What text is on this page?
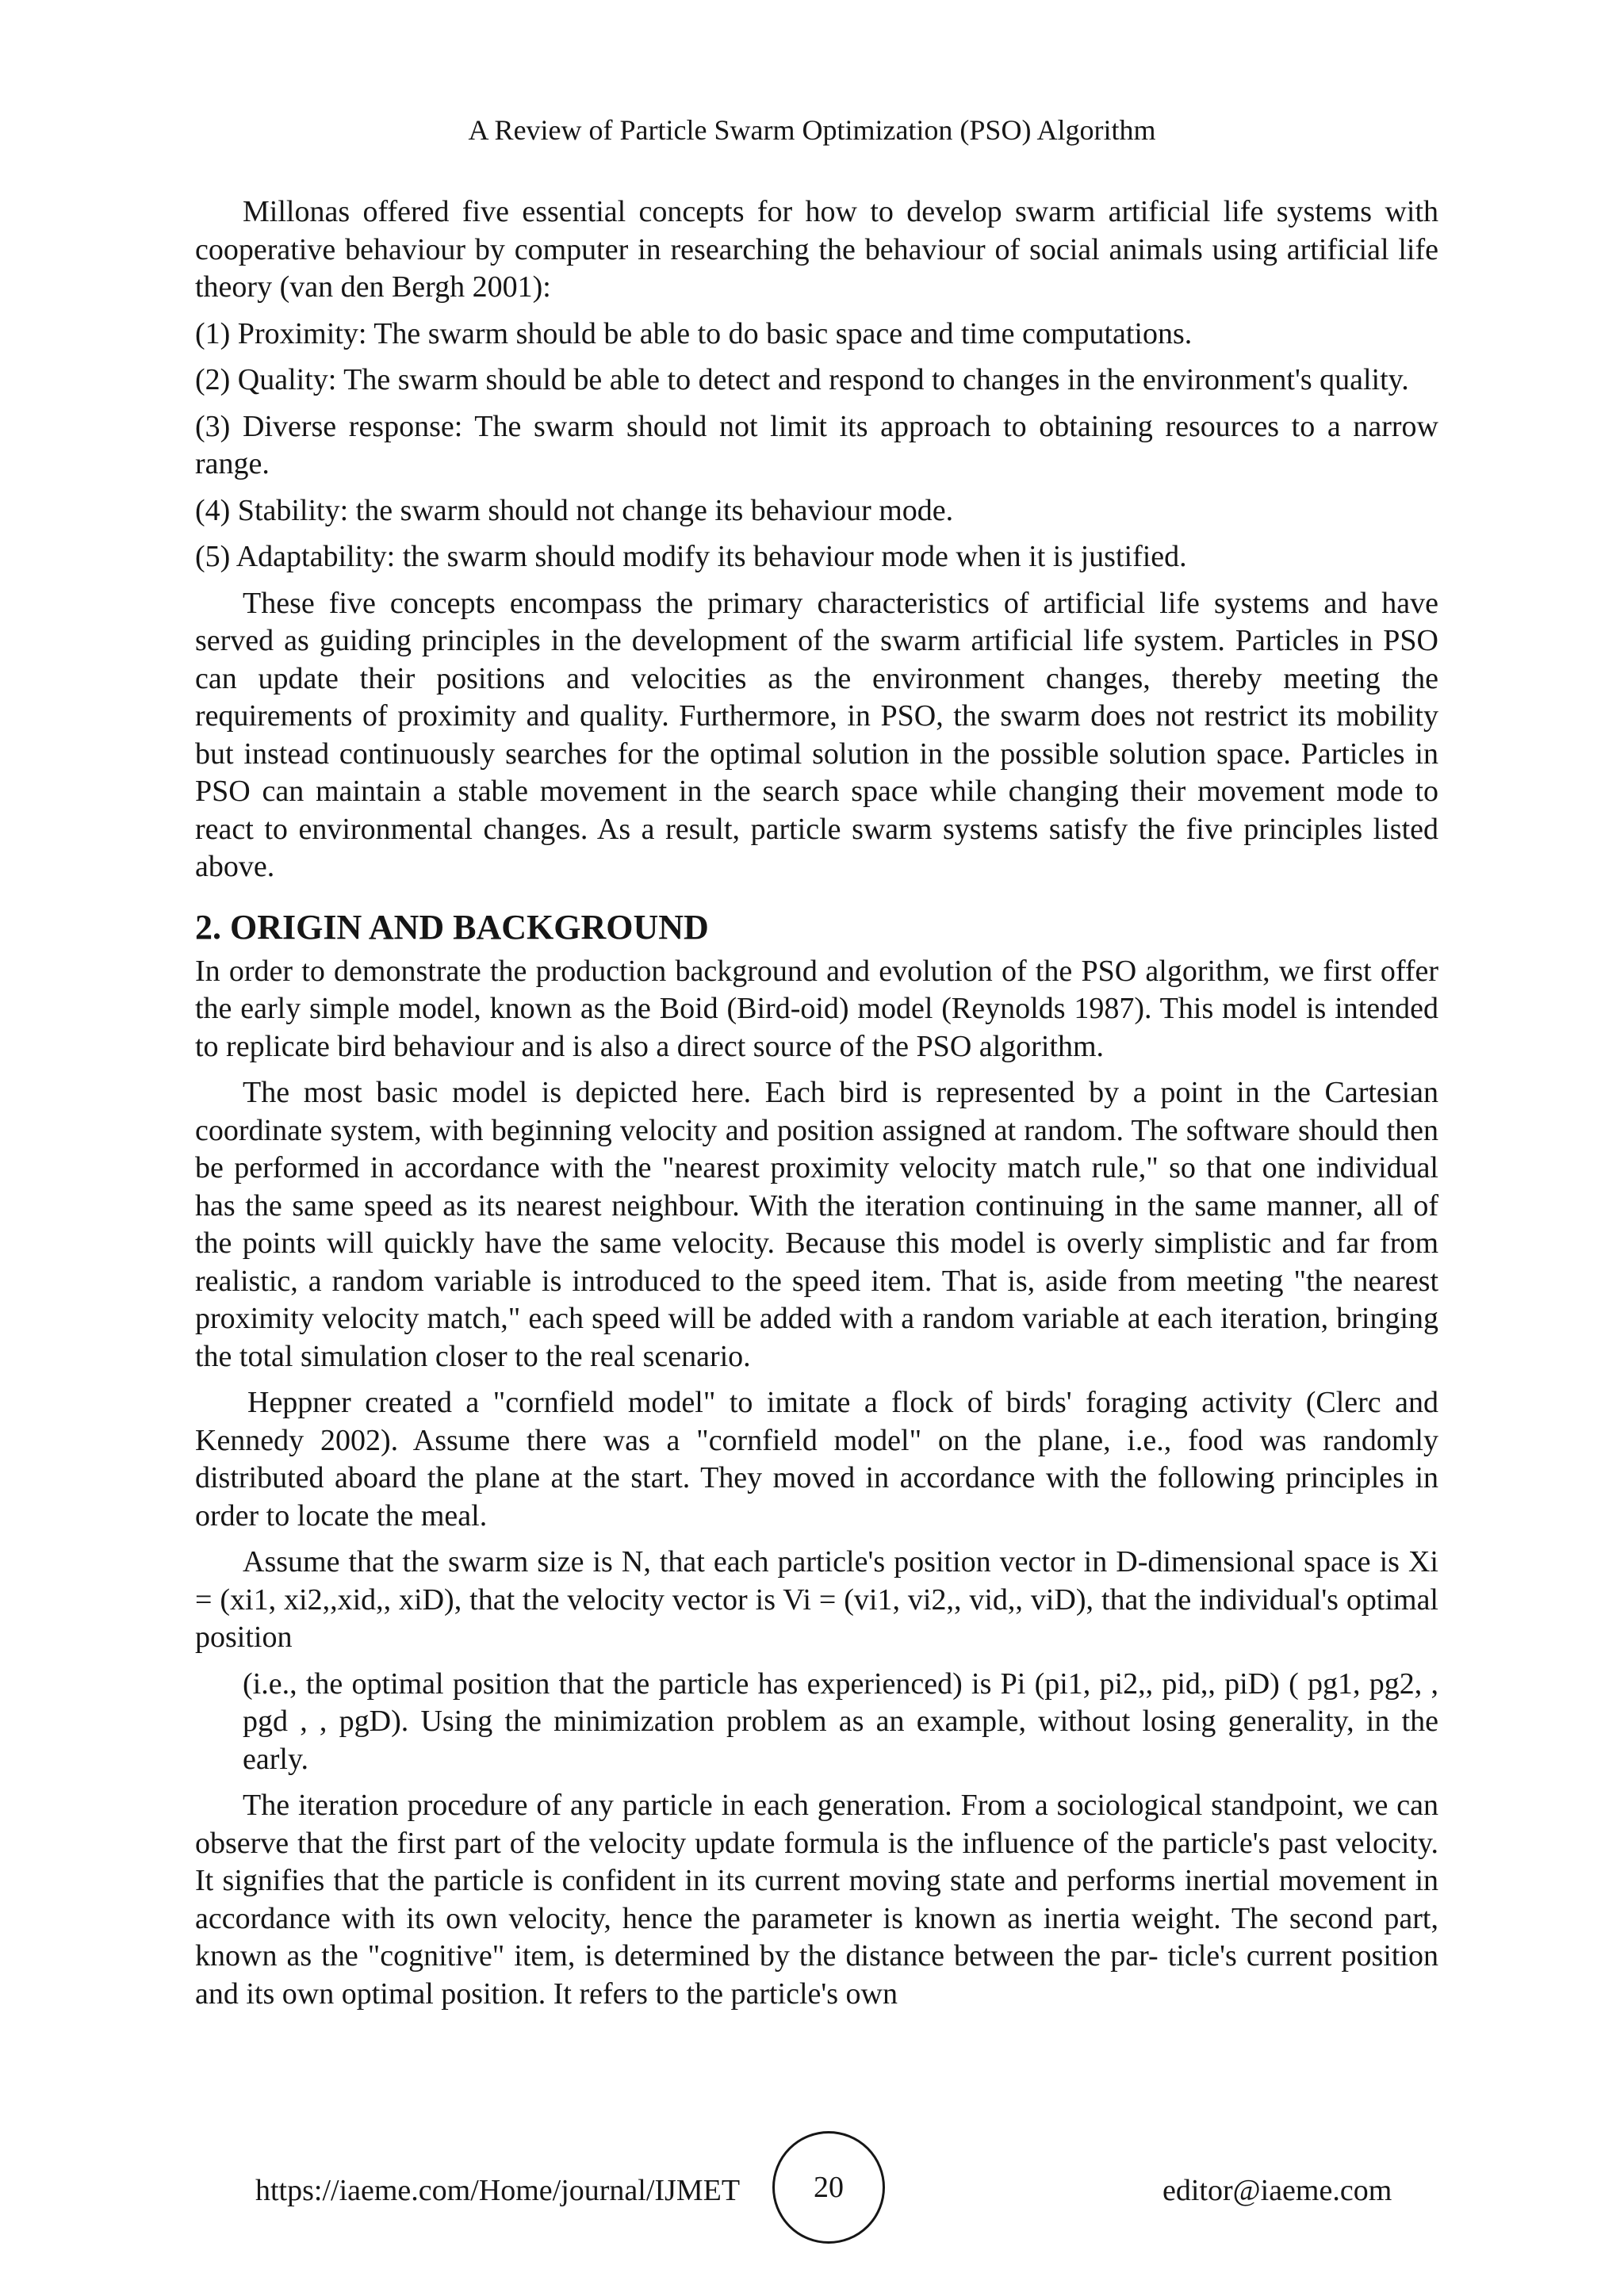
A Review of Particle Swarm Optimization (PSO) Algorithm

Millonas offered five essential concepts for how to develop swarm artificial life systems with cooperative behaviour by computer in researching the behaviour of social animals using artificial life theory (van den Bergh 2001):

(1) Proximity: The swarm should be able to do basic space and time computations.

(2) Quality: The swarm should be able to detect and respond to changes in the environment's quality.

(3) Diverse response: The swarm should not limit its approach to obtaining resources to a narrow range.

(4) Stability: the swarm should not change its behaviour mode.

(5) Adaptability: the swarm should modify its behaviour mode when it is justified.

These five concepts encompass the primary characteristics of artificial life systems and have served as guiding principles in the development of the swarm artificial life system. Particles in PSO can update their positions and velocities as the environment changes, thereby meeting the requirements of proximity and quality. Furthermore, in PSO, the swarm does not restrict its mobility but instead continuously searches for the optimal solution in the possible solution space. Particles in PSO can maintain a stable movement in the search space while changing their movement mode to react to environmental changes. As a result, particle swarm systems satisfy the five principles listed above.

2. ORIGIN AND BACKGROUND

In order to demonstrate the production background and evolution of the PSO algorithm, we first offer the early simple model, known as the Boid (Bird-oid) model (Reynolds 1987). This model is intended to replicate bird behaviour and is also a direct source of the PSO algorithm.

The most basic model is depicted here. Each bird is represented by a point in the Cartesian coordinate system, with beginning velocity and position assigned at random. The software should then be performed in accordance with the "nearest proximity velocity match rule," so that one individual has the same speed as its nearest neighbour. With the iteration continuing in the same manner, all of the points will quickly have the same velocity. Because this model is overly simplistic and far from realistic, a random variable is introduced to the speed item. That is, aside from meeting "the nearest proximity velocity match," each speed will be added with a random variable at each iteration, bringing the total simulation closer to the real scenario.

Heppner created a "cornfield model" to imitate a flock of birds' foraging activity (Clerc and Kennedy 2002). Assume there was a "cornfield model" on the plane, i.e., food was randomly distributed aboard the plane at the start. They moved in accordance with the following principles in order to locate the meal.

Assume that the swarm size is N, that each particle's position vector in D-dimensional space is Xi = (xi1, xi2,,xid,, xiD), that the velocity vector is Vi = (vi1, vi2,, vid,, viD), that the individual's optimal position

(i.e., the optimal position that the particle has experienced) is Pi (pi1, pi2,, pid,, piD) ( pg1, pg2, , pgd , , pgD). Using the minimization problem as an example, without losing generality, in the early.

The iteration procedure of any particle in each generation. From a sociological standpoint, we can observe that the first part of the velocity update formula is the influence of the particle's past velocity. It signifies that the particle is confident in its current moving state and performs inertial movement in accordance with its own velocity, hence the parameter is known as inertia weight. The second part, known as the "cognitive" item, is determined by the distance between the par- ticle's current position and its own optimal position. It refers to the particle's own

https://iaeme.com/Home/journal/IJMET 20	editor@iaeme.com
